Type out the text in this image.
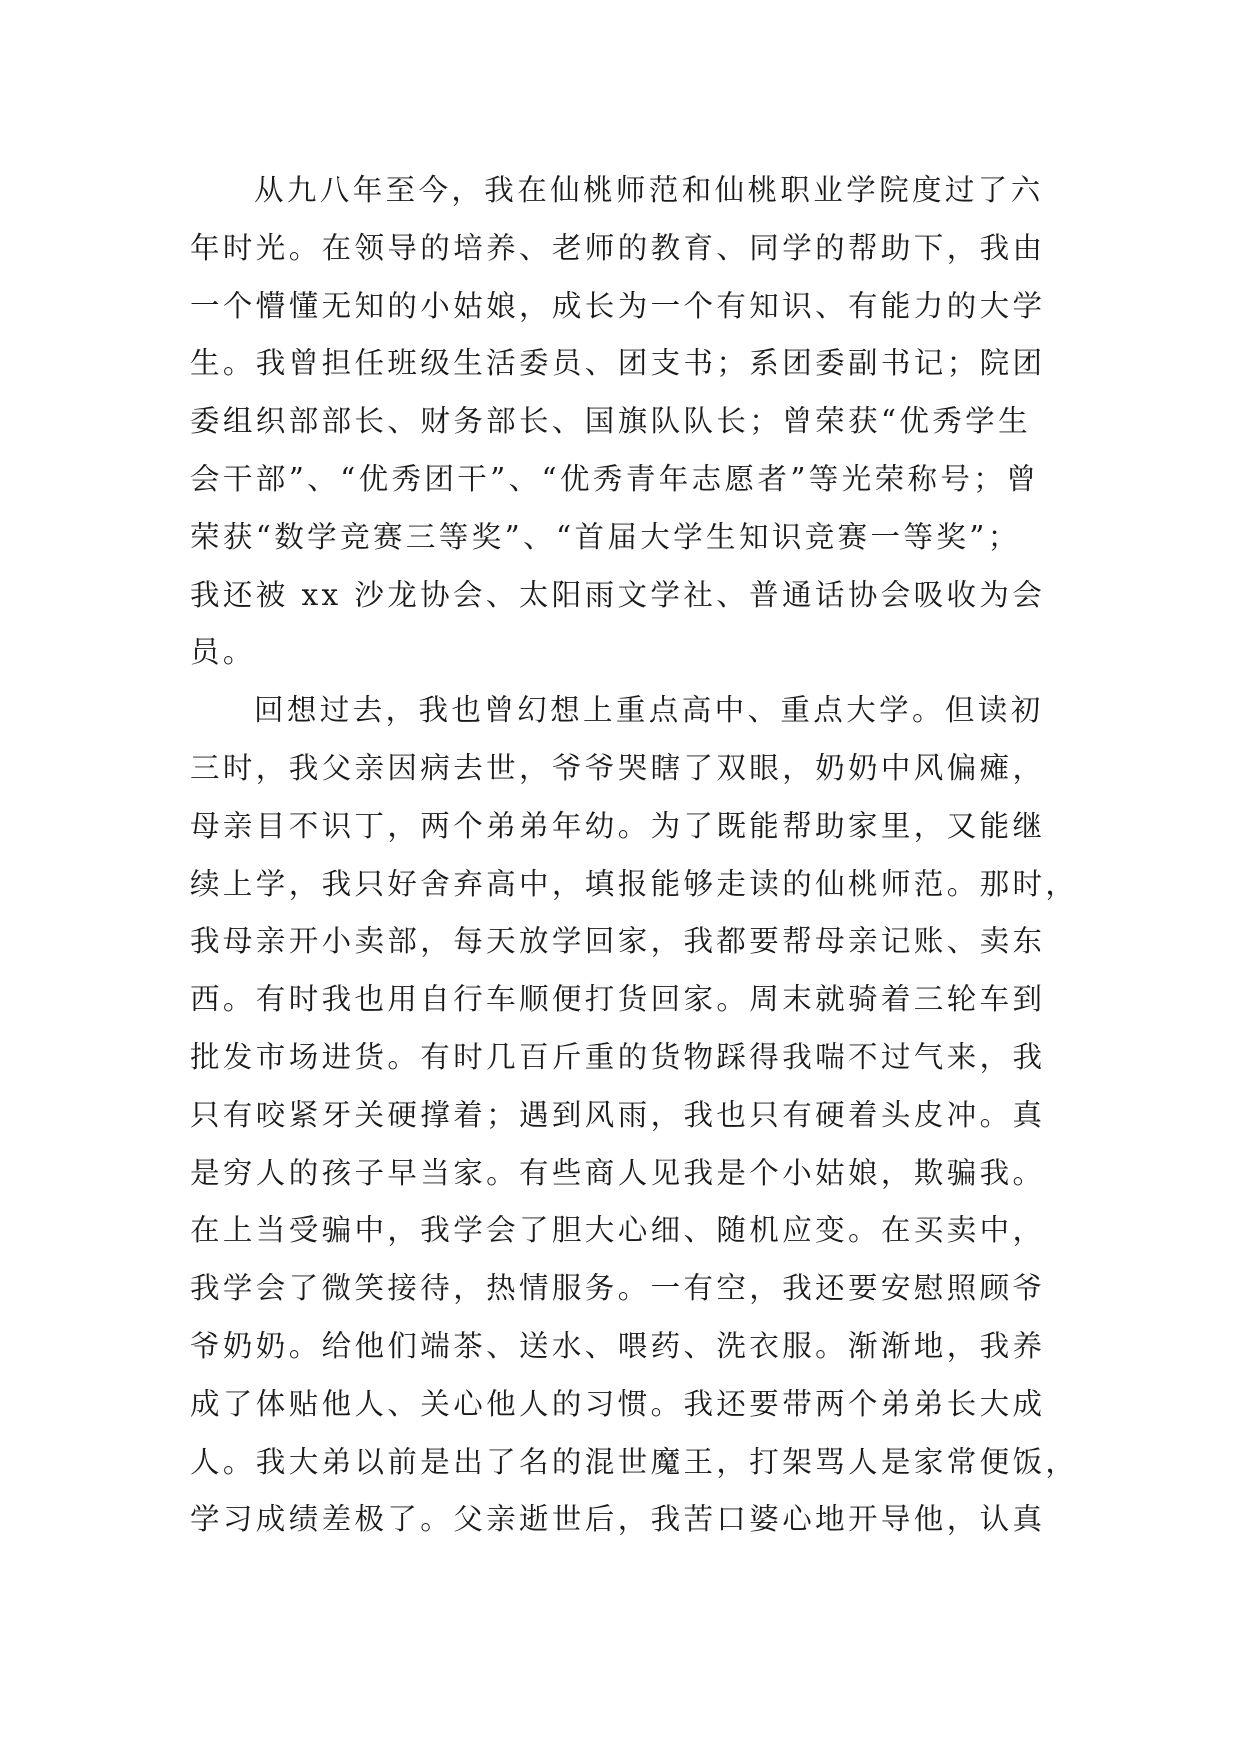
从九八年至今，我在仙桃师范和仙桃职业学院度过了六
年时光。在领导的培养、老师的教育、同学的帮助下，我由
一个懵懂无知的小姑娘，成长为一个有知识、有能力的大学
生。我曾担任班级生活委员、团支书；系团委副书记；院团
委组织部部长、财务部长、国旗队队长；曾荣获“优秀学生
会干部”、“优秀团干”、“优秀青年志愿者”等光荣称号；曾
荣获“数学竞赛三等奖”、“首届大学生知识竞赛一等奖”；
我还被 xx 沙龙协会、太阳雨文学社、普通话协会吸收为会
员。
回想过去，我也曾幻想上重点高中、重点大学。但读初
三时，我父亲因病去世，爷爷哭瞎了双眼，奶奶中风偏瘫，
母亲目不识丁，两个弟弟年幼。为了既能帮助家里，又能继
续上学，我只好舍弃高中，填报能够走读的仙桃师范。那时，
我母亲开小卖部，每天放学回家，我都要帮母亲记账、卖东
西。有时我也用自行车顺便打货回家。周末就骑着三轮车到
批发市场进货。有时几百斤重的货物踩得我喘不过气来，我
只有咬紧牙关硬撑着；遇到风雨，我也只有硬着头皮冲。真
是穷人的孩子早当家。有些商人见我是个小姑娘，欺骗我。
在上当受骗中，我学会了胆大心细、随机应变。在买卖中，
我学会了微笑接待，热情服务。一有空，我还要安慰照顾爷
爷奶奶。给他们端茶、送水、喂药、洗衣服。渐渐地，我养
成了体贴他人、关心他人的习惯。我还要带两个弟弟长大成
人。我大弟以前是出了名的混世魔王，打架骂人是家常便饭，
学习成绩差极了。父亲逝世后，我苦口婆心地开导他，认真
